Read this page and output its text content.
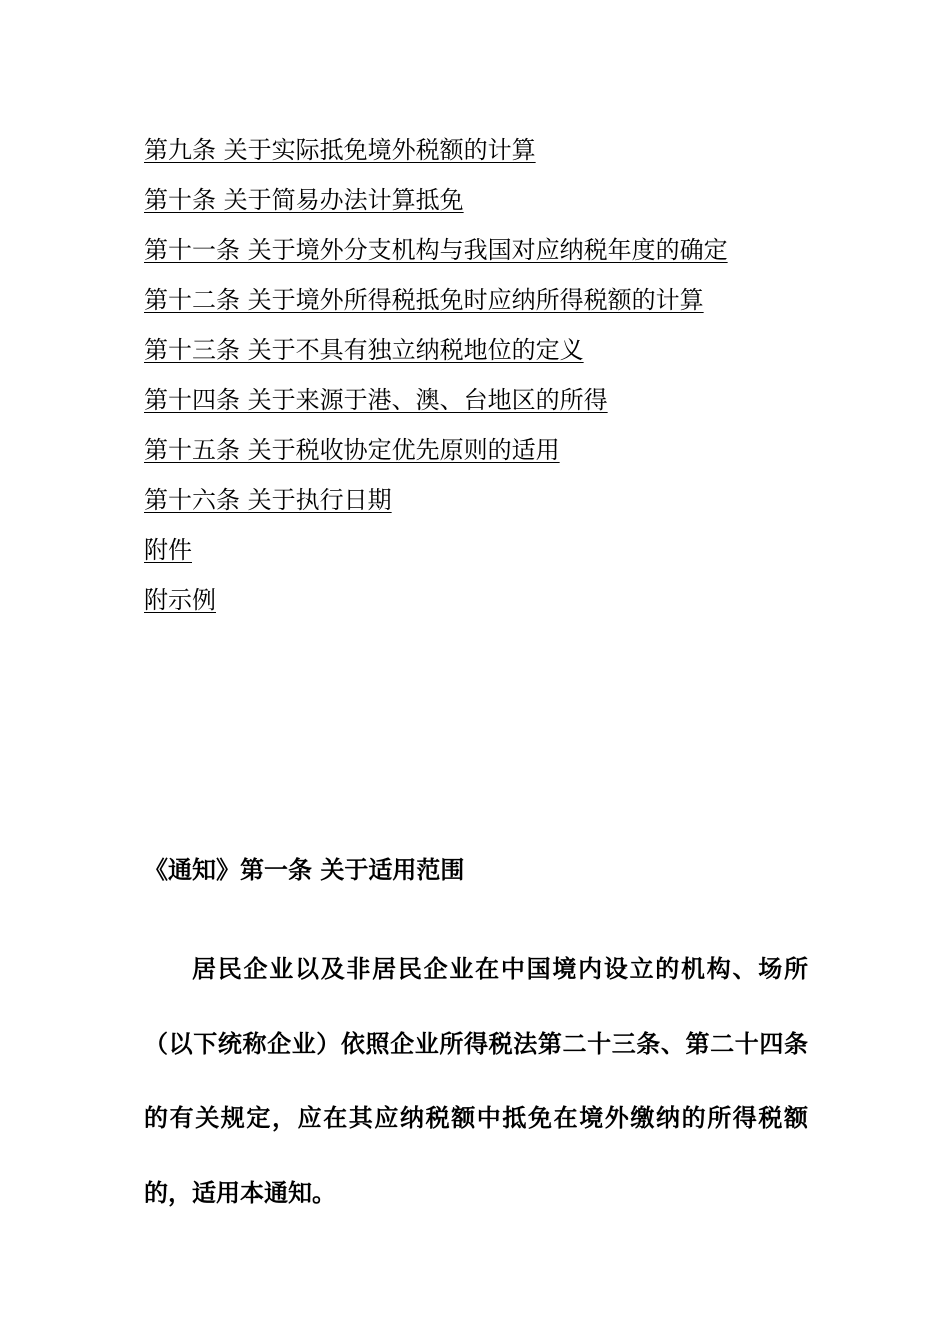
第九条 关于实际抵免境外税额的计算
第十条 关于简易办法计算抵免
第十一条 关于境外分支机构与我国对应纳税年度的确定
第十二条 关于境外所得税抵免时应纳所得税额的计算
第十三条 关于不具有独立纳税地位的定义
第十四条 关于来源于港、澳、台地区的所得
第十五条 关于税收协定优先原则的适用
第十六条 关于执行日期
附件
附示例
《通知》第一条 关于适用范围

居民企业以及非居民企业在中国境内设立的机构、场所（以下统称企业）依照企业所得税法第二十三条、第二十四条的有关规定，应在其应纳税额中抵免在境外缴纳的所得税额的，适用本通知。
